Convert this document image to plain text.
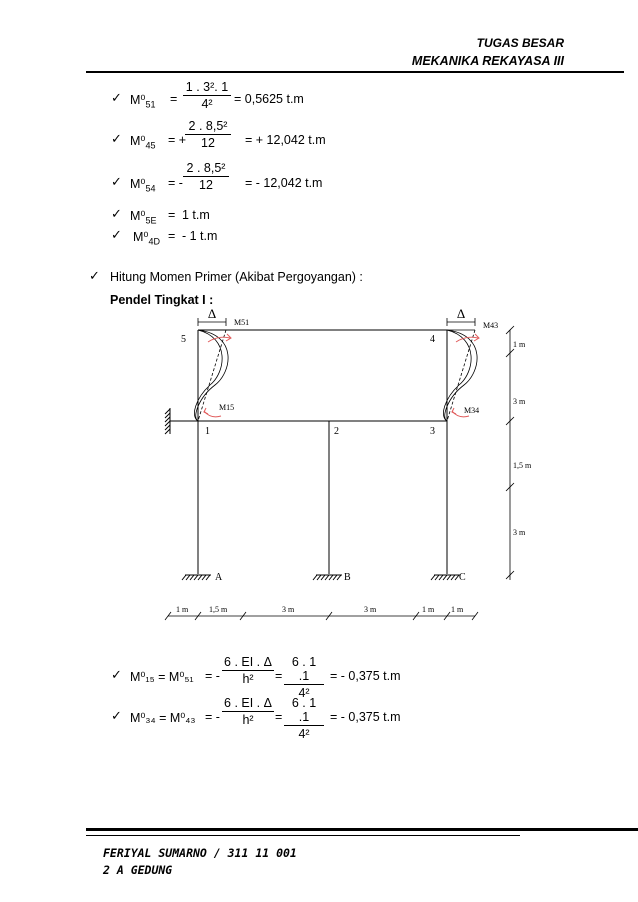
TUGAS BESAR
MEKANIKA REKAYASA III
✓ $M^0_{51}$ =
1 . 3². 1
4²	= 0,5625 t.m
✓ $M^0_{45}$ = +
2 . 8,5²
12	= + 12,042 t.m
✓ $M^0_{54}$ = -
2 . 8,5²
12	= - 12,042 t.m
✓ $M^0_{5E} = 1$ t.m
✓ $M^0_{4D}$ = - 1 t.m
✓ Hitung Momen Primer (Akibat Pergoyangan) :
Pendel Tingkat I :
Δ	Δ
M51	M43
M15	M34
5	4
1	2	3
A	B	C
1 m
3 m
1,5 m
3 m
1 m	1,5 m	3 m	3 m	1 m 1 m
✓ M⁰₁₅ = M⁰₅₁ = -
6 . EI . Δ
h²	=
6 . 1 .1
4²
= - 0,375 t.m
✓ M⁰₃₄ = M⁰₄₃ = -
6 . EI . Δ
h²	=
6 . 1 .1
4²
= - 0,375 t.m
FERIYAL SUMARNO / 311 11 001
2 A GEDUNG
